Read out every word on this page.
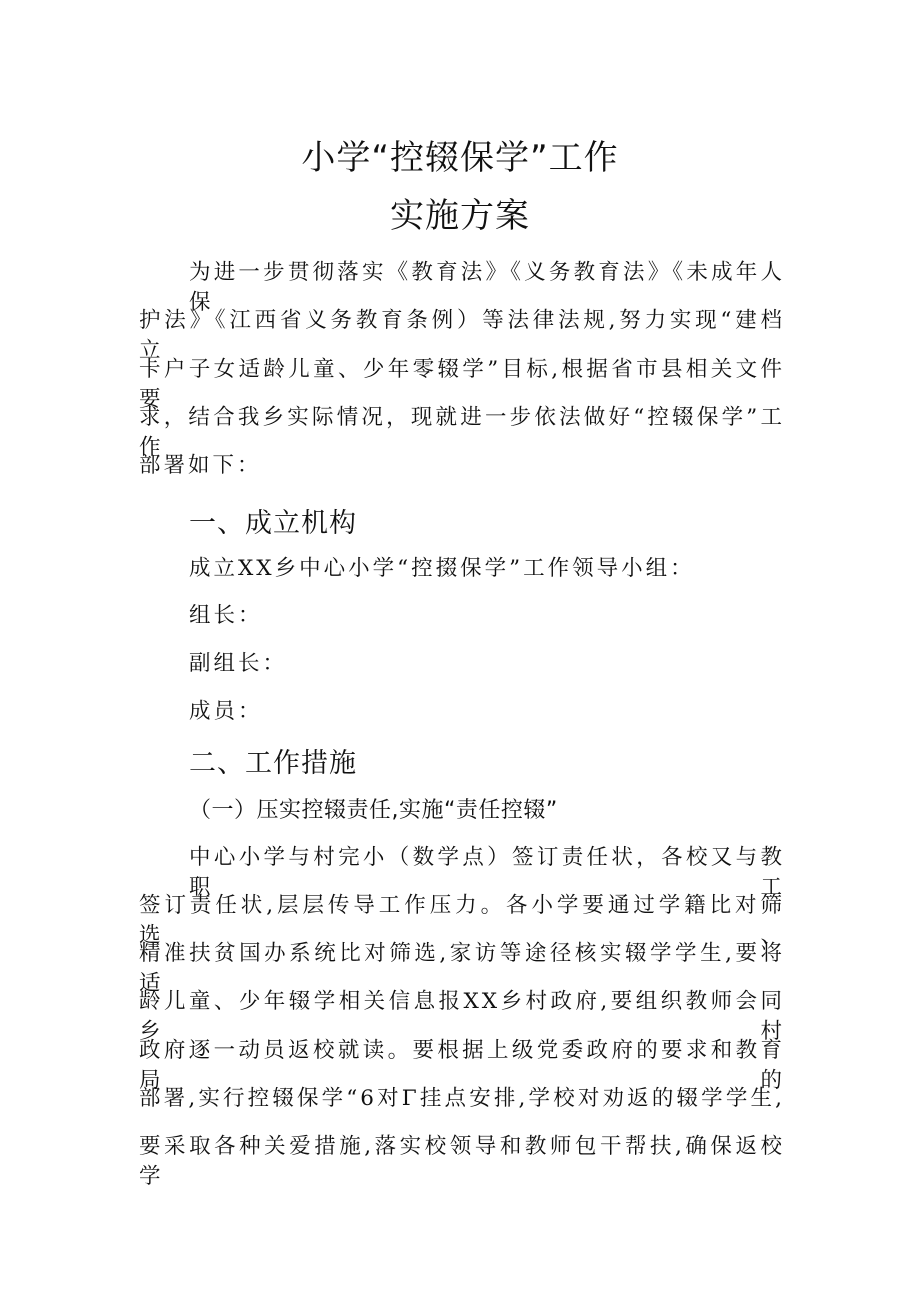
小学“控辍保学”工作
实施方案
为进一步贯彻落实《教育法》《义务教育法》《未成年人保
护法》《江西省义务教育条例）等法律法规,努力实现“建档立
卡户子女适龄儿童、少年零辍学”目标,根据省市县相关文件要
求，结合我乡实际情况，现就进一步依法做好“控辍保学”工作
部署如下：
一、成立机构
成立XX乡中心小学“控掇保学”工作领导小组：
组长：
副组长：
成员：
二、工作措施
（一）压实控辍责任,实施“责任控辍”
中心小学与村完小（数学点）签订责任状，各校又与教职工
签订责任状,层层传导工作压力。各小学要通过学籍比对筛选、
精准扶贫国办系统比对筛选,家访等途径核实辍学学生,要将适
龄儿童、少年辍学相关信息报XX乡村政府,要组织教师会同乡村
政府逐一动员返校就读。要根据上级党委政府的要求和教育局的
部署,实行控辍保学“6对Γ挂点安排,学校对劝返的辍学学生,
要采取各种关爱措施,落实校领导和教师包干帮扶,确保返校学
